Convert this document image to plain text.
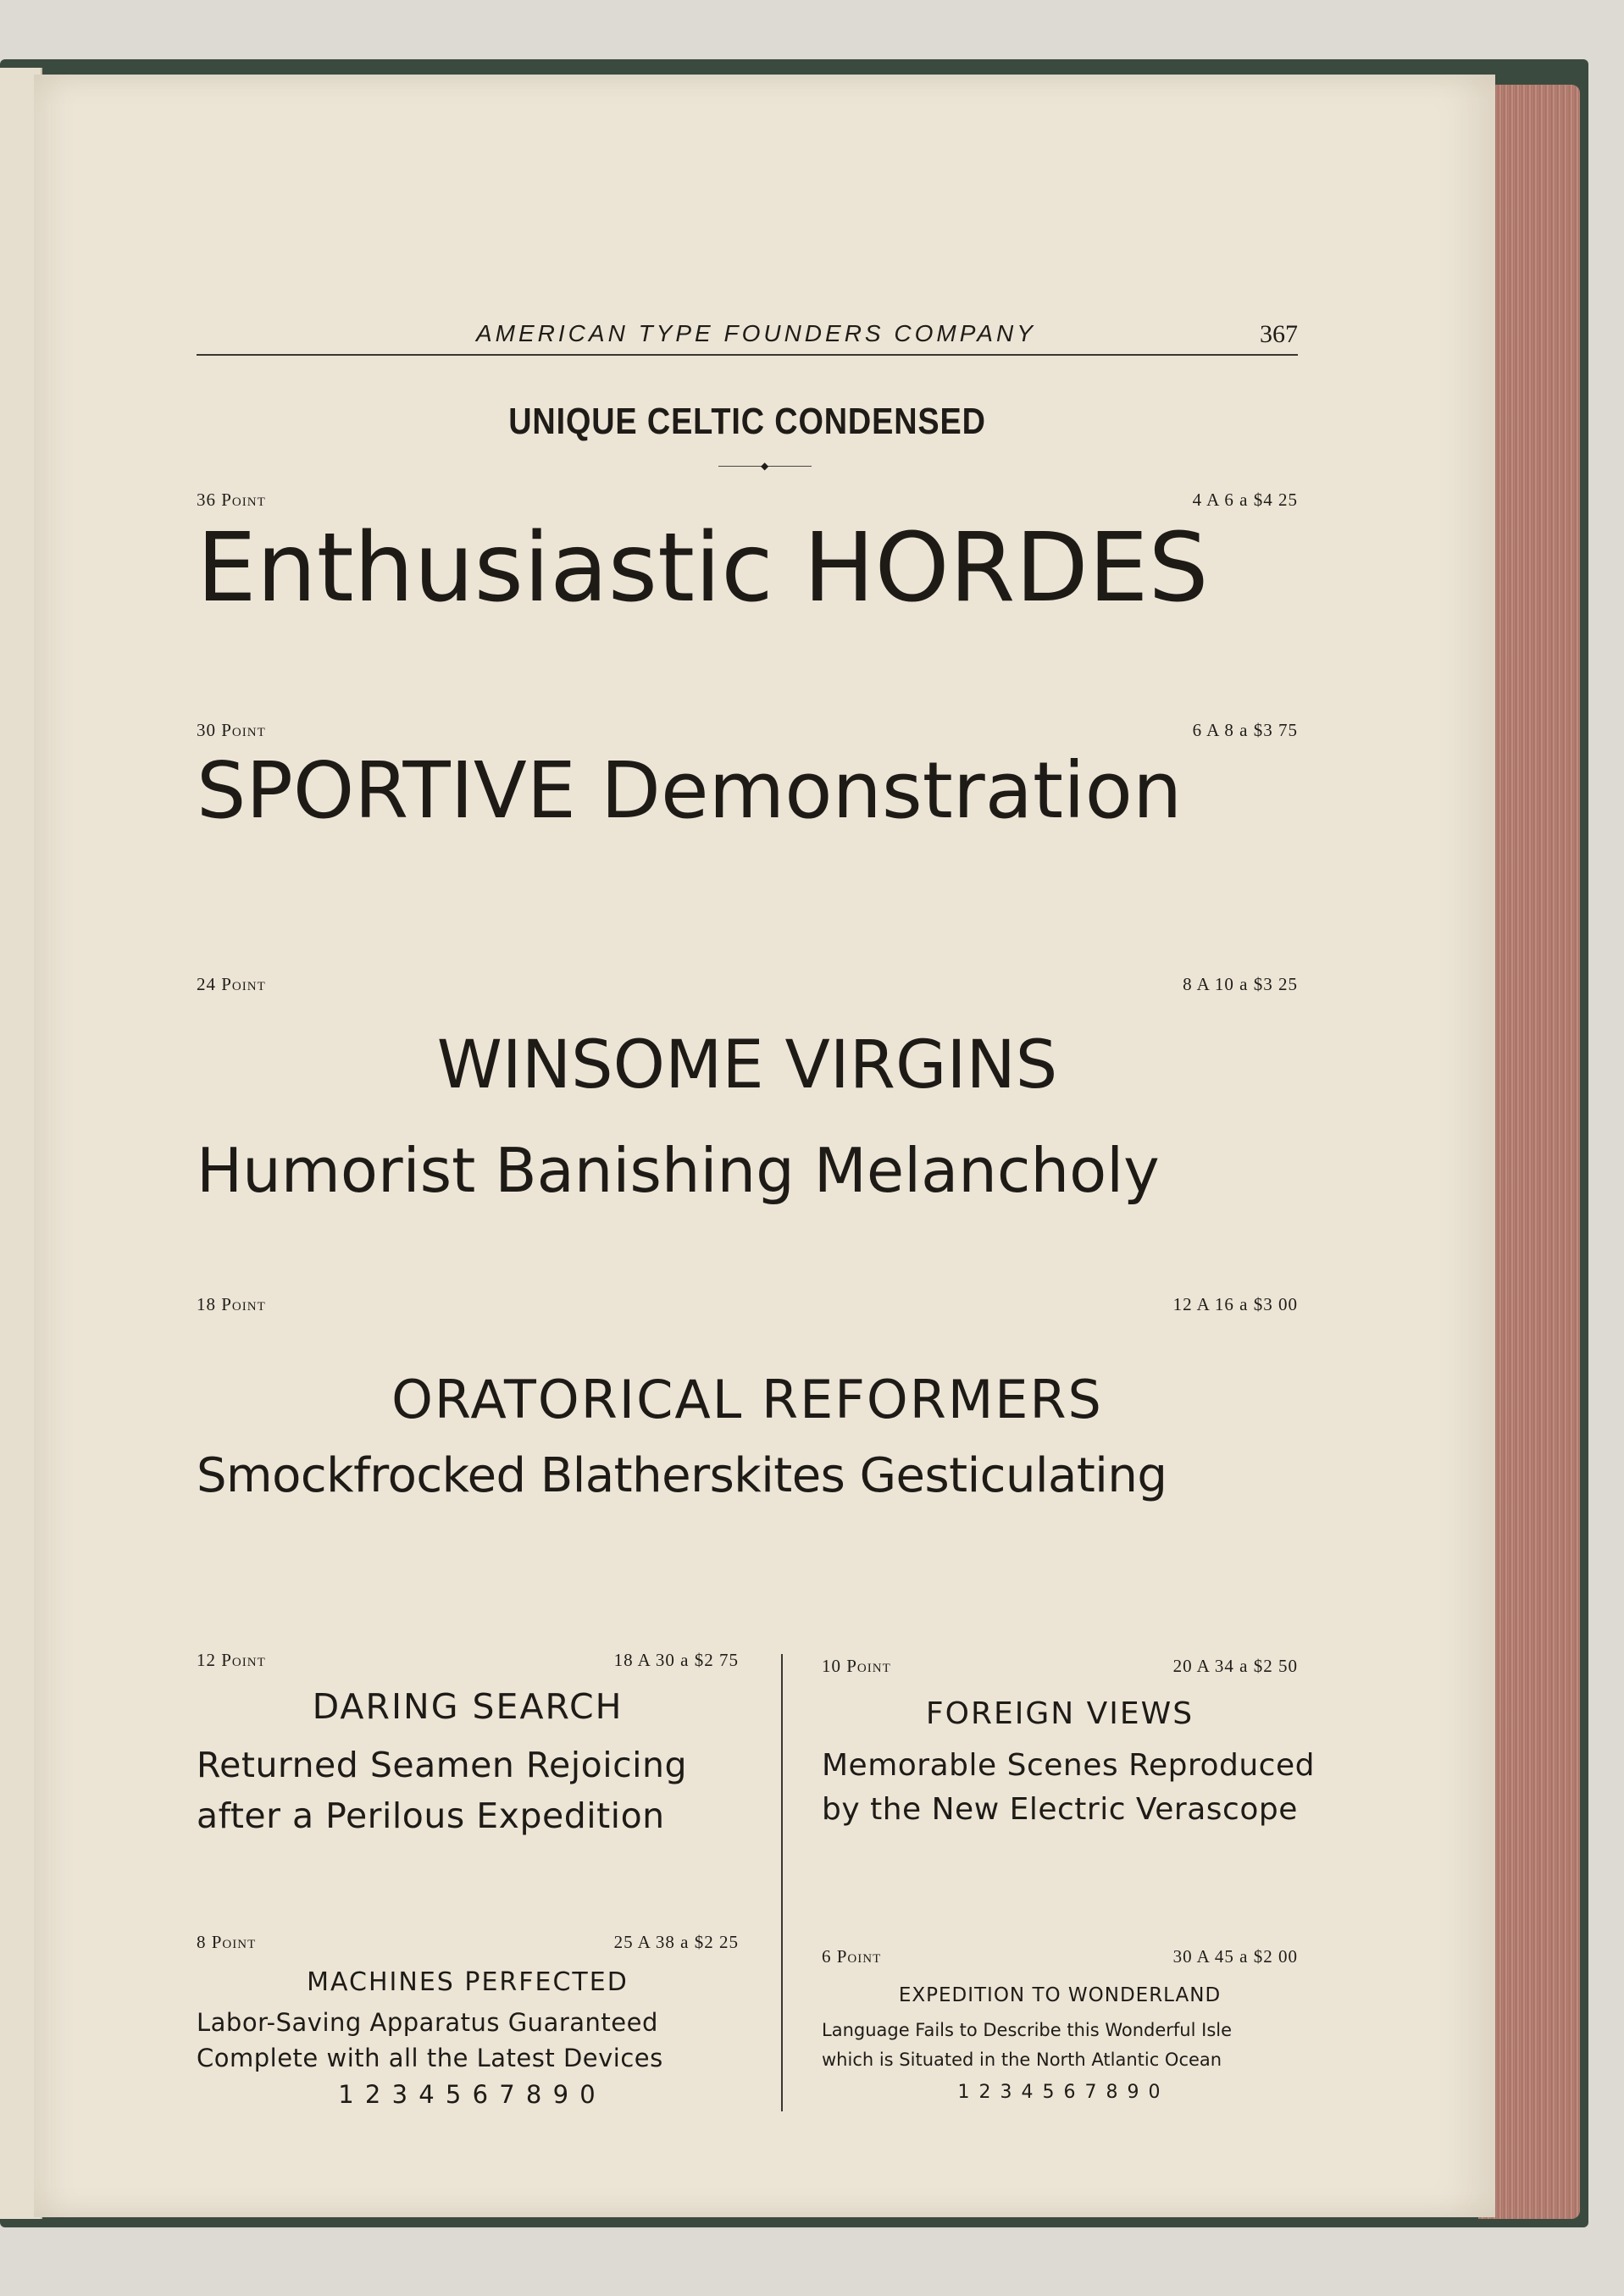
AMERICAN TYPE FOUNDERS COMPANY	367
UNIQUE CELTIC CONDENSED
◆
36 Point	4 A 6 a $4 25
Enthusiastic HORDES
30 Point	6 A 8 a $3 75
SPORTIVE Demonstration
24 Point	8 A 10 a $3 25
WINSOME VIRGINS
Humorist Banishing Melancholy
18 Point	12 A 16 a $3 00
ORATORICAL REFORMERS
Smockfrocked Blatherskites Gesticulating
12 Point	18 A 30 a $2 75
DARING SEARCH
Returned Seamen Rejoicing
after a Perilous Expedition
10 Point	20 A 34 a $2 50
FOREIGN VIEWS
Memorable Scenes Reproduced
by the New Electric Verascope
8 Point	25 A 38 a $2 25
MACHINES PERFECTED
Labor-Saving Apparatus Guaranteed
Complete with all the Latest Devices
1 2 3 4 5 6 7 8 9 0
6 Point	30 A 45 a $2 00
EXPEDITION TO WONDERLAND
Language Fails to Describe this Wonderful Isle
which is Situated in the North Atlantic Ocean
1 2 3 4 5 6 7 8 9 0
